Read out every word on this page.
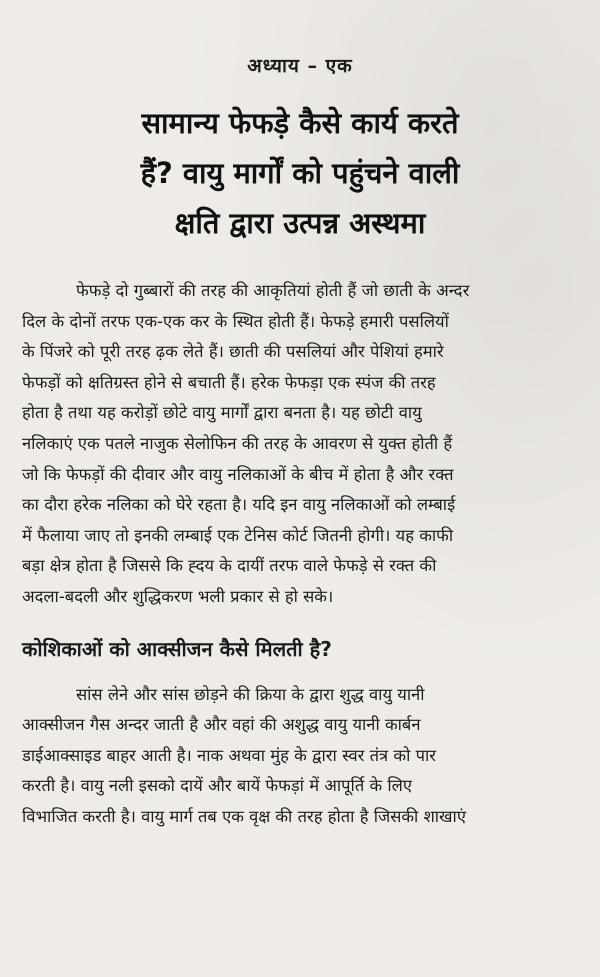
अध्याय – एक
सामान्य फेफड़े कैसे कार्य करते
हैं? वायु मार्गों को पहुंचने वाली
क्षति द्वारा उत्पन्न अस्थमा

फेफड़े दो गुब्बारों की तरह की आकृतियां होती हैं जो छाती के अन्दर
दिल के दोनों तरफ एक-एक कर के स्थित होती हैं। फेफड़े हमारी पसलियों
के पिंजरे को पूरी तरह ढ़क लेते हैं। छाती की पसलियां और पेशियां हमारे
फेफड़ों को क्षतिग्रस्त होने से बचाती हैं। हरेक फेफड़ा एक स्पंज की तरह
होता है तथा यह करोड़ों छोटे वायु मार्गों द्वारा बनता है। यह छोटी वायु
नलिकाएं एक पतले नाजुक सेलोफिन की तरह के आवरण से युक्त होती हैं
जो कि फेफड़ों की दीवार और वायु नलिकाओं के बीच में होता है और रक्त
का दौरा हरेक नलिका को घेरे रहता है। यदि इन वायु नलिकाओं को लम्बाई
में फैलाया जाए तो इनकी लम्बाई एक टेनिस कोर्ट जितनी होगी। यह काफी
बड़ा क्षेत्र होता है जिससे कि ह्दय के दायीं तरफ वाले फेफड़े से रक्त की
अदला-बदली और शुद्धिकरण भली प्रकार से हो सके।

कोशिकाओं को आक्सीजन कैसे मिलती है?

सांस लेने और सांस छोड़ने की क्रिया के द्वारा शुद्ध वायु यानी
आक्सीजन गैस अन्दर जाती है और वहां की अशुद्ध वायु यानी कार्बन
डाईआक्साइड बाहर आती है। नाक अथवा मुंह के द्वारा स्वर तंत्र को पार
करती है। वायु नली इसको दायें और बायें फेफड़ां में आपूर्ति के लिए
विभाजित करती है। वायु मार्ग तब एक वृक्ष की तरह होता है जिसकी शाखाएं
